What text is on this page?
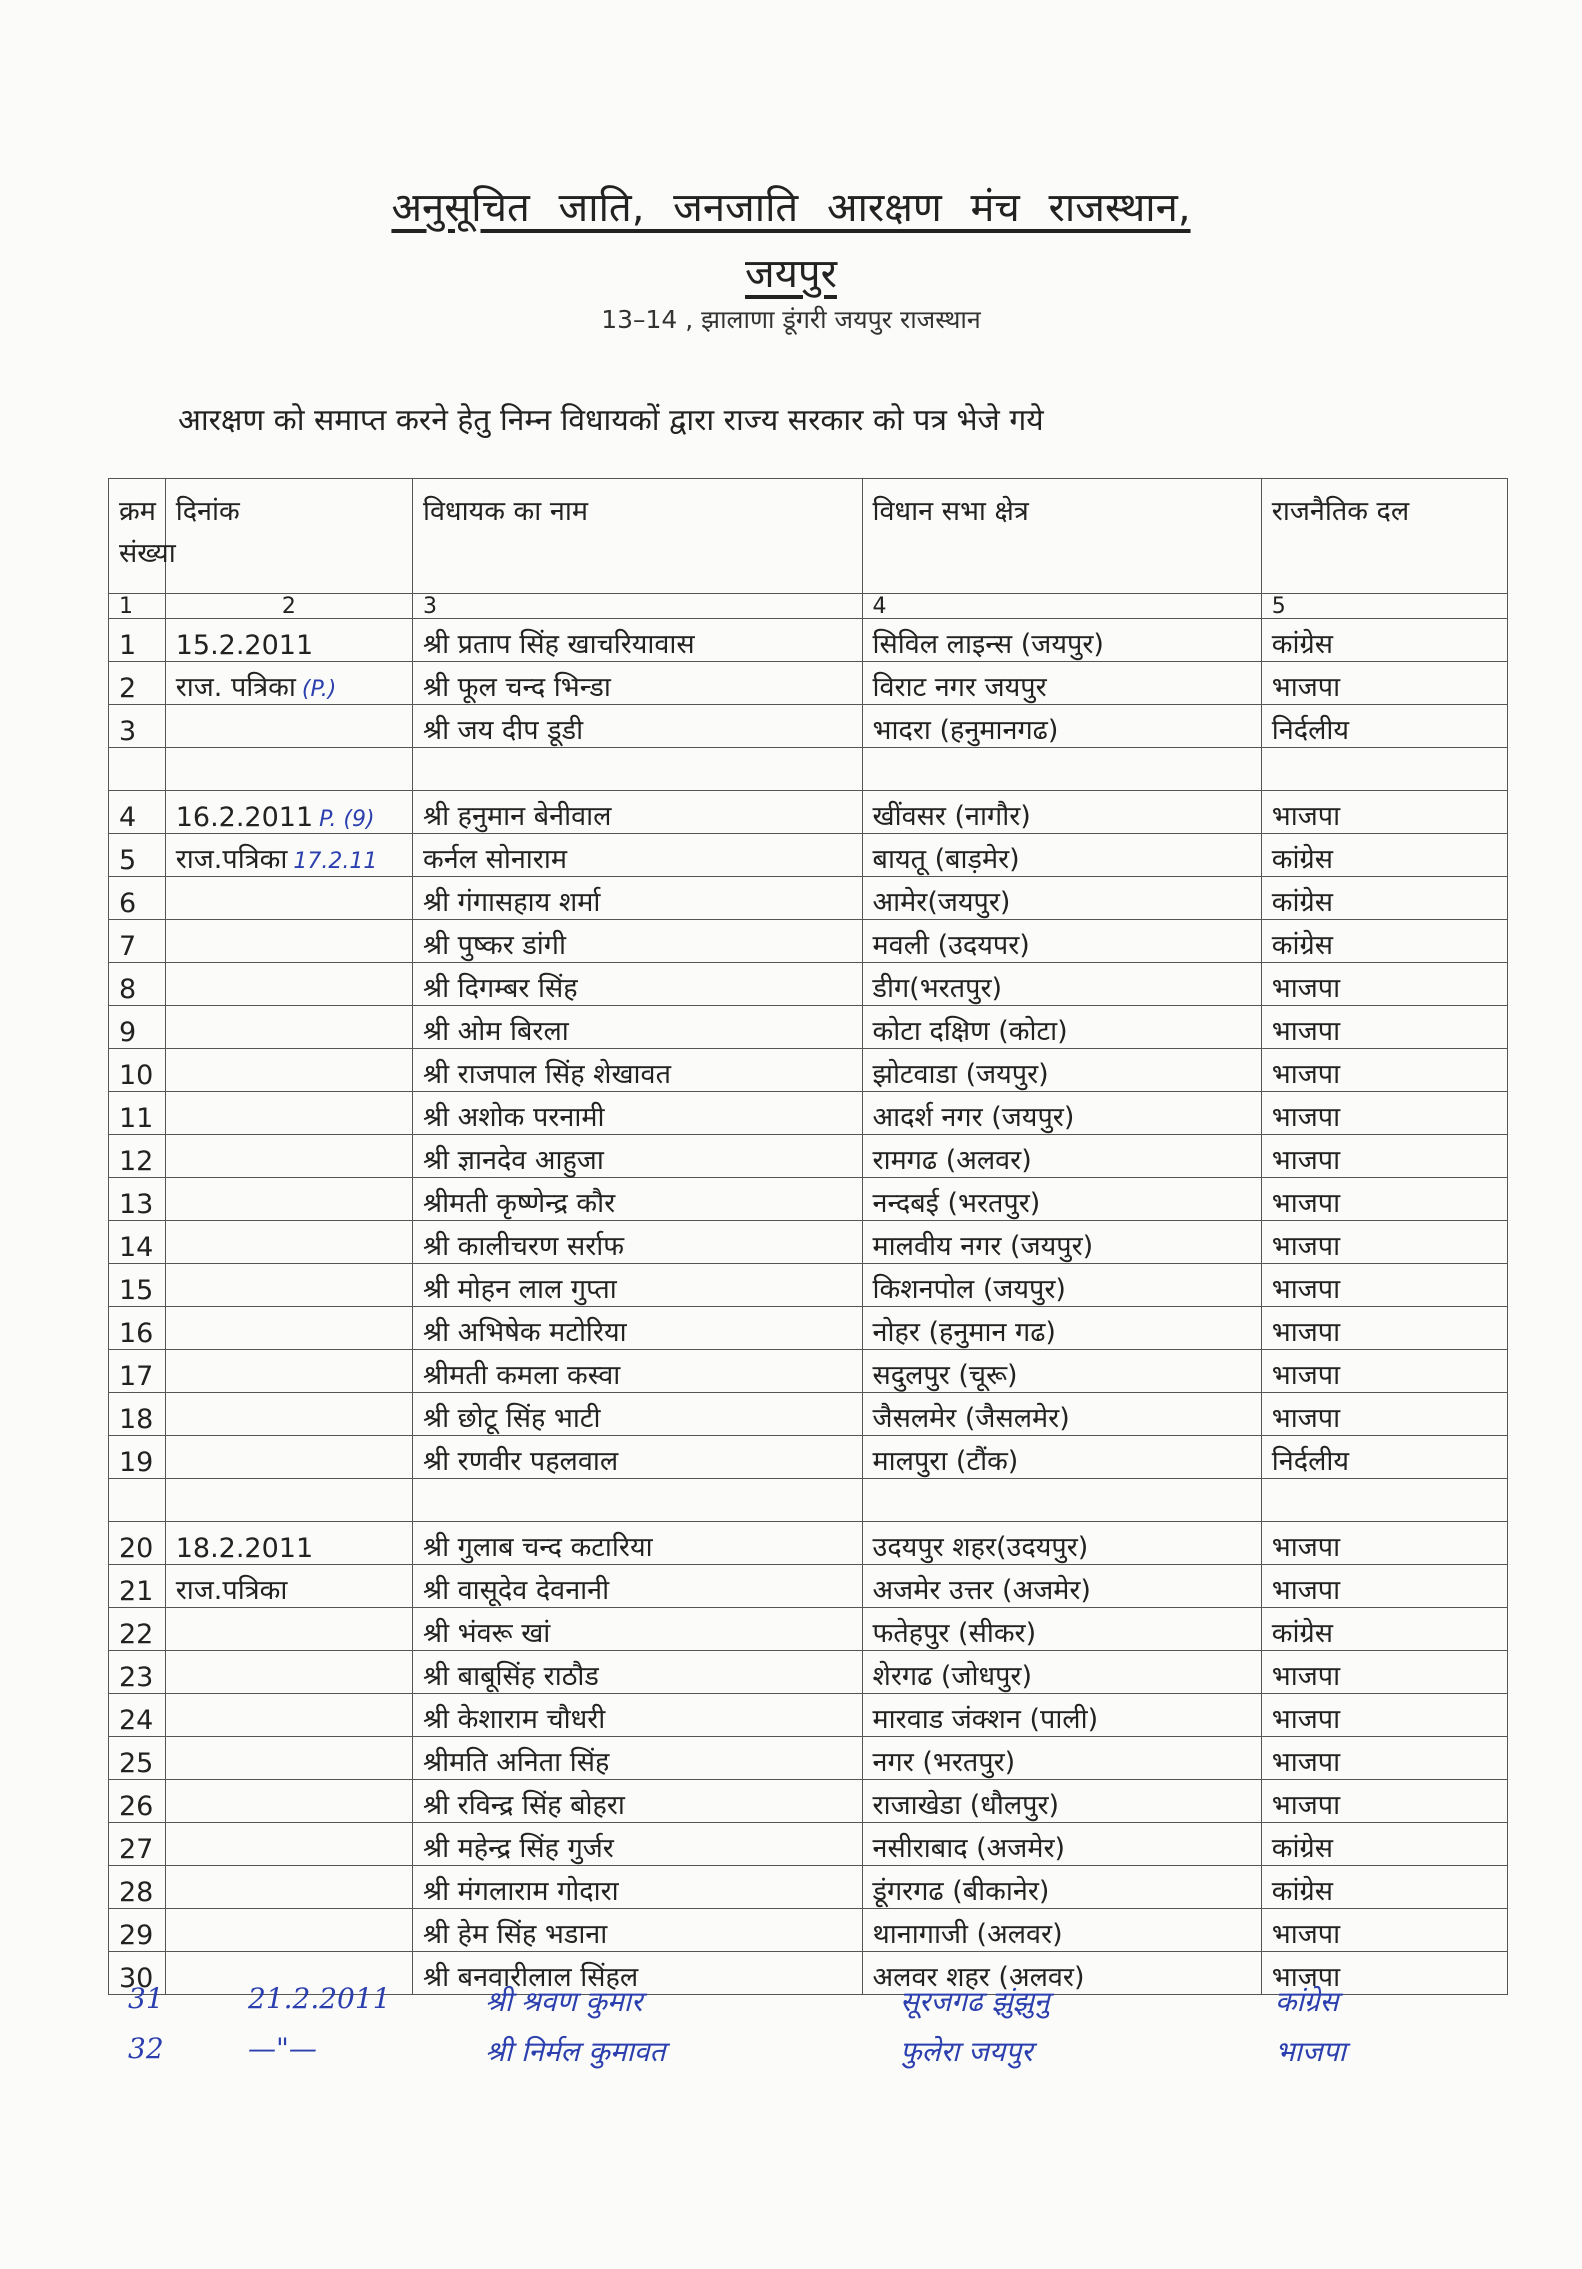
अनुसूचित जाति, जनजाति आरक्षण मंच राजस्थान,
जयपुर
13–14 , झालाणा डूंगरी जयपुर राजस्थान
आरक्षण को समाप्त करने हेतु निम्न विधायकों द्वारा राज्य सरकार को पत्र भेजे गये
क्रम संख्या	दिनांक	विधायक का नाम	विधान सभा क्षेत्र	राजनैतिक दल
1	2	3	4	5
1	15.2.2011	श्री प्रताप सिंह खाचरियावास	सिविल लाइन्स (जयपुर)	कांग्रेस
2	राज. पत्रिका (P.)	श्री फूल चन्द भिन्डा	विराट नगर जयपुर	भाजपा
3		श्री जय दीप डूडी	भादरा (हनुमानगढ)	निर्दलीय

4	16.2.2011 P. (9)	श्री हनुमान बेनीवाल	खींवसर (नागौर)	भाजपा
5	राज.पत्रिका 17.2.11	कर्नल सोनाराम	बायतू (बाड़मेर)	कांग्रेस
6		श्री गंगासहाय शर्मा	आमेर(जयपुर)	कांग्रेस
7		श्री पुष्कर डांगी	मवली (उदयपर)	कांग्रेस
8		श्री दिगम्बर सिंह	डीग(भरतपुर)	भाजपा
9		श्री ओम बिरला	कोटा दक्षिण (कोटा)	भाजपा
10		श्री राजपाल सिंह शेखावत	झोटवाडा (जयपुर)	भाजपा
11		श्री अशोक परनामी	आदर्श नगर (जयपुर)	भाजपा
12		श्री ज्ञानदेव आहुजा	रामगढ (अलवर)	भाजपा
13		श्रीमती कृष्णेन्द्र कौर	नन्दबई (भरतपुर)	भाजपा
14		श्री कालीचरण सर्राफ	मालवीय नगर (जयपुर)	भाजपा
15		श्री मोहन लाल गुप्ता	किशनपोल (जयपुर)	भाजपा
16		श्री अभिषेक मटोरिया	नोहर (हनुमान गढ)	भाजपा
17		श्रीमती कमला कस्वा	सदुलपुर (चूरू)	भाजपा
18		श्री छोटू सिंह भाटी	जैसलमेर (जैसलमेर)	भाजपा
19		श्री रणवीर पहलवाल	मालपुरा (टौंक)	निर्दलीय

20	18.2.2011	श्री गुलाब चन्द कटारिया	उदयपुर शहर(उदयपुर)	भाजपा
21	राज.पत्रिका	श्री वासूदेव देवनानी	अजमेर उत्तर (अजमेर)	भाजपा
22		श्री भंवरू खां	फतेहपुर (सीकर)	कांग्रेस
23		श्री बाबूसिंह राठौड	शेरगढ (जोधपुर)	भाजपा
24		श्री केशाराम चौधरी	मारवाड जंक्शन (पाली)	भाजपा
25		श्रीमति अनिता सिंह	नगर (भरतपुर)	भाजपा
26		श्री रविन्द्र सिंह बोहरा	राजाखेडा (धौलपुर)	भाजपा
27		श्री महेन्द्र सिंह गुर्जर	नसीराबाद (अजमेर)	कांग्रेस
28		श्री मंगलाराम गोदारा	डूंगरगढ (बीकानेर)	कांग्रेस
29		श्री हेम सिंह भडाना	थानागाजी (अलवर)	भाजपा
30		श्री बनवारीलाल सिंहल	अलवर शहर (अलवर)	भाजपा
31	21.2.2011	श्री श्रवण कुमार	सूरजगढ झुंझुनु	कांग्रेस
32	—"—	श्री निर्मल कुमावत	फुलेरा जयपुर	भाजपा
